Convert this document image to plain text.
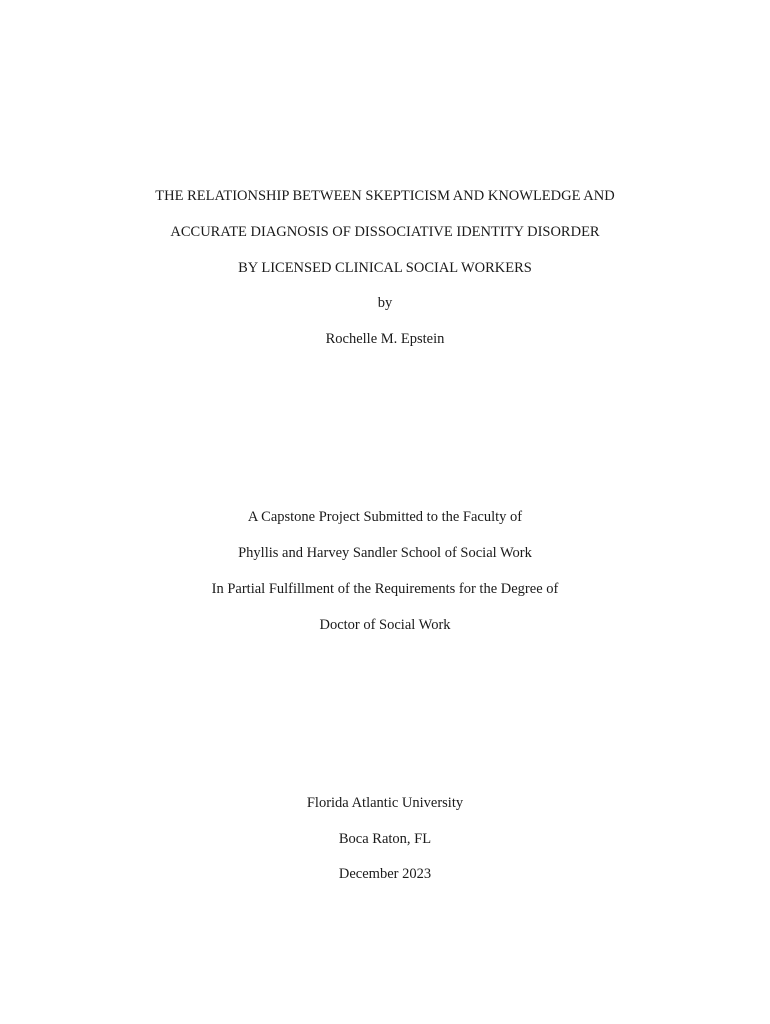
THE RELATIONSHIP BETWEEN SKEPTICISM AND KNOWLEDGE AND
ACCURATE DIAGNOSIS OF DISSOCIATIVE IDENTITY DISORDER
BY LICENSED CLINICAL SOCIAL WORKERS
by
Rochelle M. Epstein
A Capstone Project Submitted to the Faculty of
Phyllis and Harvey Sandler School of Social Work
In Partial Fulfillment of the Requirements for the Degree of
Doctor of Social Work
Florida Atlantic University
Boca Raton, FL
December 2023
